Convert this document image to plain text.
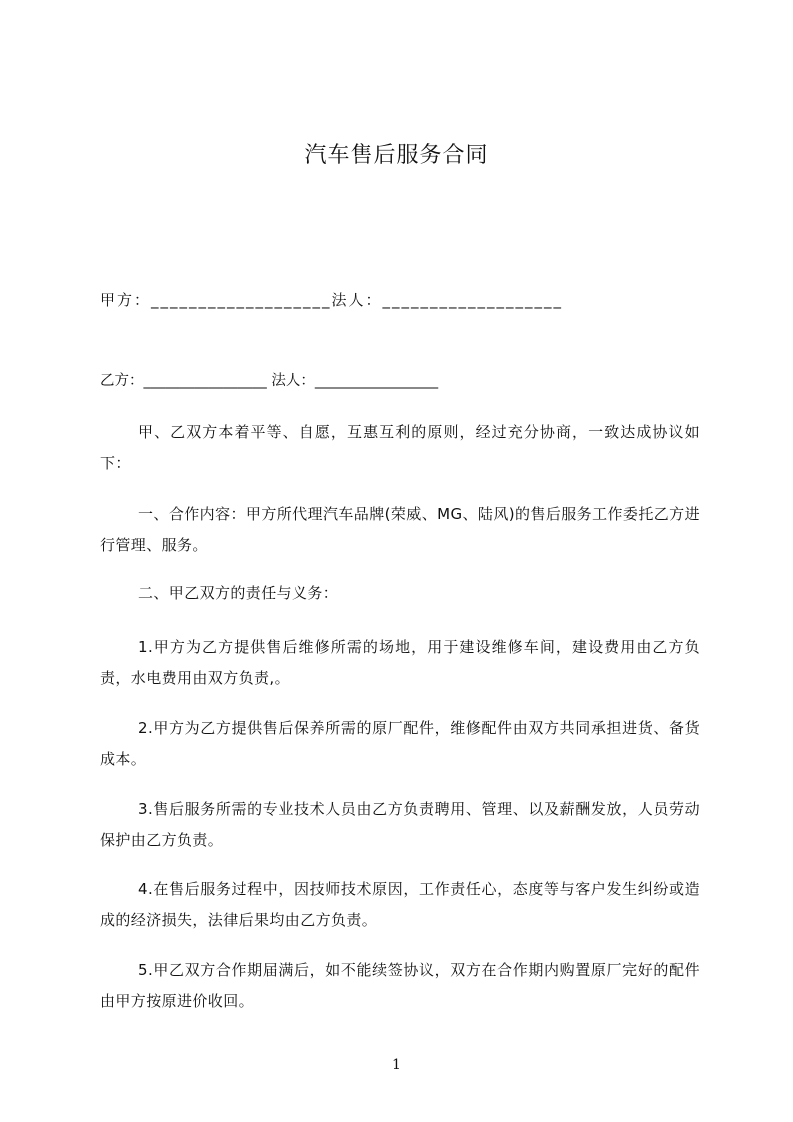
汽车售后服务合同
甲方：___________________法人：___________________
乙方：_________________ 法人：_________________
甲、乙双方本着平等、自愿，互惠互利的原则，经过充分协商，一致达成协议如下：
一、合作内容：甲方所代理汽车品牌(荣威、MG、陆风)的售后服务工作委托乙方进行管理、服务。
二、甲乙双方的责任与义务：
1.甲方为乙方提供售后维修所需的场地，用于建设维修车间，建设费用由乙方负责，水电费用由双方负责,。
2.甲方为乙方提供售后保养所需的原厂配件，维修配件由双方共同承担进货、备货成本。
3.售后服务所需的专业技术人员由乙方负责聘用、管理、以及薪酬发放，人员劳动保护由乙方负责。
4.在售后服务过程中，因技师技术原因，工作责任心，态度等与客户发生纠纷或造成的经济损失，法律后果均由乙方负责。
5.甲乙双方合作期届满后，如不能续签协议，双方在合作期内购置原厂完好的配件由甲方按原进价收回。
1
